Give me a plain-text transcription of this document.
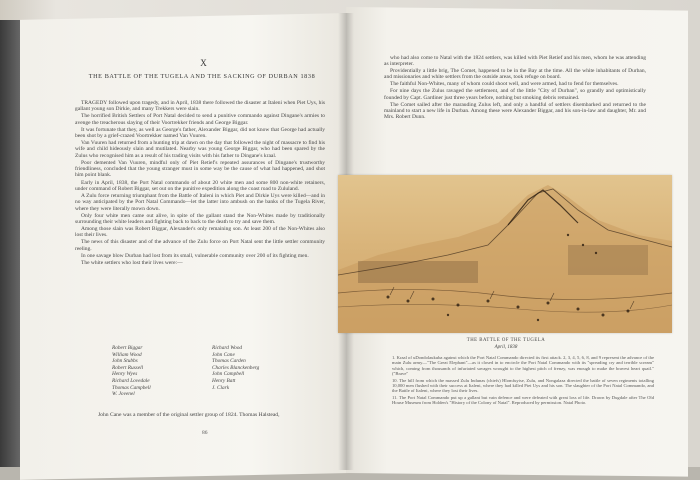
X
THE BATTLE OF THE TUGELA AND THE SACKING OF DURBAN 1838

TRAGEDY followed upon tragedy, and in April, 1838 there followed the disaster at Italeni when Piet Uys, his gallant young son Dirkie, and many Trekkers were slain.

The horrified British Settlers of Port Natal decided to send a punitive commando against Dingane's armies to avenge the treacherous slaying of their Voortrekker friends and George Biggar.

It was fortunate that they, as well as George's father, Alexander Biggar, did not know that George had actually been shot by a grief-crazed Voortrekker named Van Vuuren.

Van Vuuren had returned from a hunting trip at dawn on the day that followed the night of massacre to find his wife and child hideously slain and mutilated. Nearby was young George Biggar, who had been spared by the Zulus who recognised him as a result of his trading visits with his father to Dingane's kraal.

Poor demented Van Vuuren, mindful only of Piet Retief's repeated assurances of Dingane's trustworthy friendliness, concluded that the young stranger must in some way be the cause of what had happened, and shot him point blank.

Early in April, 1838, the Port Natal commando of about 20 white men and some 800 non-white retainers, under command of Robert Biggar, set out on the punitive expedition along the coast road to Zululand.

A Zulu force returning triumphant from the Battle of Italeni in which Piet and Dirkie Uys were killed—and in no way anticipated by the Port Natal Commando—let the latter into ambush on the banks of the Tugela River, where they were literally mown down.

Only four white men came out alive, in spite of the gallant stand the Non-Whites made by traditionally surrounding their white leaders and fighting back to back to the death to try and save them.

Among those slain was Robert Biggar, Alexander's only remaining son. At least 200 of the Non-Whites also lost their lives.

The news of this disaster and of the advance of the Zulu force on Port Natal sent the little settler community reeling.

In one savage blow Durban had lost from its small, vulnerable community over 200 of its fighting men.

The white settlers who lost their lives were:—

Robert Biggar
William Wood
John Stubbs
Robert Russell
Henry Wyes
Richard Lovedale
Thomas Campbell
W. Jovenel
Richard Wood
John Cane
Thomas Carden
Charles Blanckenberg
John Campbell
Henry Batt
J. Clark
John Cane was a member of the original settler group of 1824. Thomas Halstead,
86

who had also come to Natal with the 1824 settlers, was killed with Piet Retief and his men, whom he was attending as interpreter.

Providentially a little brig, The Comet, happened to be in the Bay at the time. All the white inhabitants of Durban, and missionaries and white settlers from the outside areas, took refuge on board.

The faithful Non-Whites, many of whom could shoot well, and were armed, had to fend for themselves.

For nine days the Zulus ravaged the settlement, and of the little "City of Durban", so grandly and optimistically founded by Capt. Gardiner just three years before, nothing but smoking debris remained.

The Comet sailed after the marauding Zulus left, and only a handful of settlers disembarked and returned to the mainland to start a new life in Durban. Among these were Alexander Biggar, and his son-in-law and daughter, Mr. and Mrs. Robert Dunn.

THE BATTLE OF THE TUGELA
April, 1838

1. Kraal of uDondolaukuba against which the Port Natal Commando directed its first attack. 2, 3, 4, 5, 6, 8, and 9 represent the advance of the main Zulu army—"The Great Elephant"—as it closed in to encircle the Port Natal Commando with its "spreading cry and terrible scream" which, coming from thousands of infuriated savages wrought to the highest pitch of frenzy, was enough to make the bravest heart quail." ("Brave"

10. The hill from which the massed Zulu Indunas (chiefs) Hlomfuyise, Zulu, and Nongalaza directed the battle of seven regiments totalling 10,000 men flushed with their success at Italeni, where they had killed Piet Uys and his son. The slaughter of the Port Natal Commando, and the Battle of Italeni, where they lost their lives.

11. The Port Natal Commando put up a gallant but vain defence and were defeated with great loss of life. Drawn by Dugdale after The Old House Museum from Holden's "History of the Colony of Natal". Reproduced by permission. Natal Photo.
